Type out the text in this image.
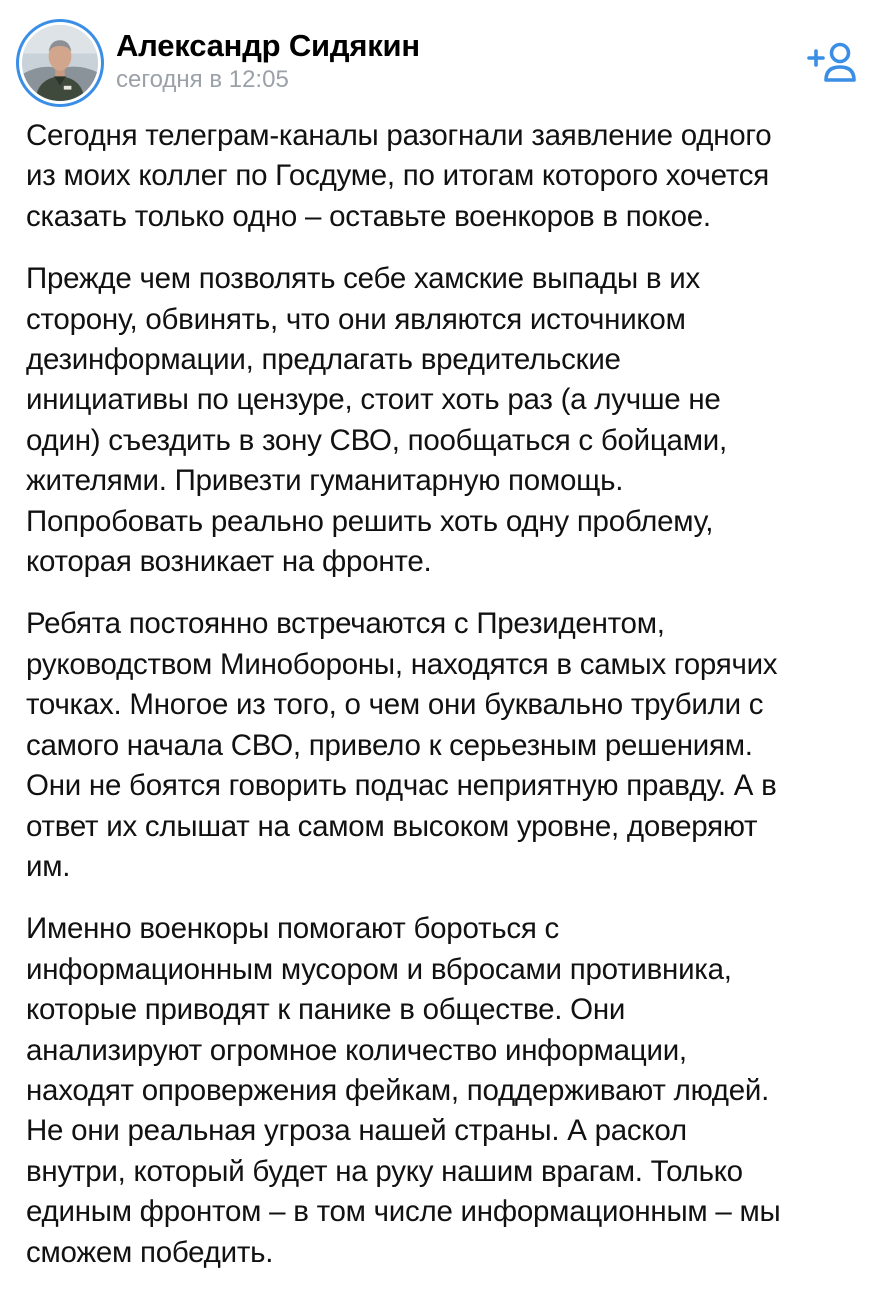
Александр Сидякин
сегодня в 12:05

Сегодня телеграм-каналы разогнали заявление одного
из моих коллег по Госдуме, по итогам которого хочется
сказать только одно – оставьте военкоров в покое.

Прежде чем позволять себе хамские выпады в их
сторону, обвинять, что они являются источником
дезинформации, предлагать вредительские
инициативы по цензуре, стоит хоть раз (а лучше не
один) съездить в зону СВО, пообщаться с бойцами,
жителями. Привезти гуманитарную помощь.
Попробовать реально решить хоть одну проблему,
которая возникает на фронте.

Ребята постоянно встречаются с Президентом,
руководством Минобороны, находятся в самых горячих
точках. Многое из того, о чем они буквально трубили с
самого начала СВО, привело к серьезным решениям.
Они не боятся говорить подчас неприятную правду. А в
ответ их слышат на самом высоком уровне, доверяют
им.

Именно военкоры помогают бороться с
информационным мусором и вбросами противника,
которые приводят к панике в обществе. Они
анализируют огромное количество информации,
находят опровержения фейкам, поддерживают людей.
Не они реальная угроза нашей страны. А раскол
внутри, который будет на руку нашим врагам. Только
единым фронтом – в том числе информационным – мы
сможем победить.
